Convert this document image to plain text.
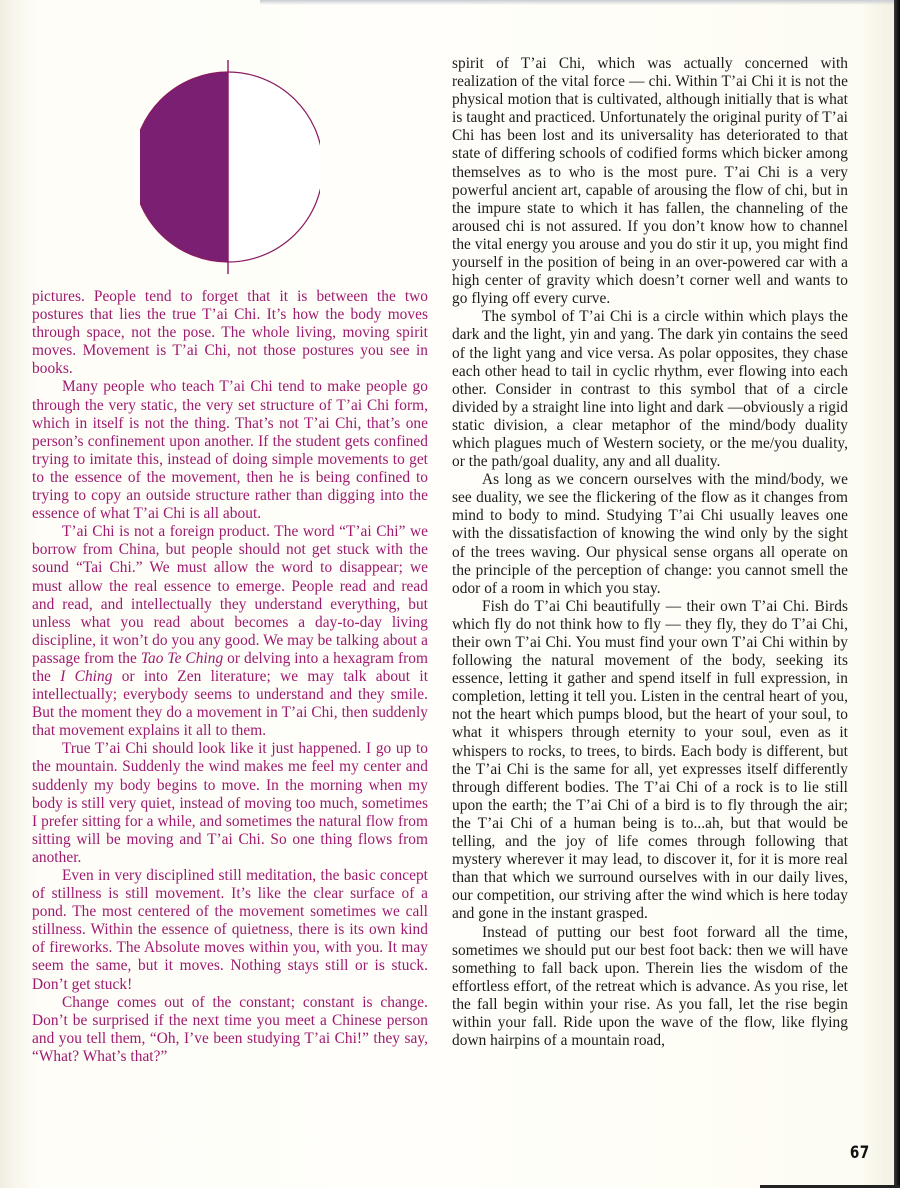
pictures. People tend to forget that it is between the two postures that lies the true T’ai Chi. It’s how the body moves through space, not the pose. The whole living, moving spirit moves. Movement is T’ai Chi, not those postures you see in books.

Many people who teach T’ai Chi tend to make people go through the very static, the very set structure of T’ai Chi form, which in itself is not the thing. That’s not T’ai Chi, that’s one person’s confinement upon another. If the student gets confined trying to imitate this, instead of doing simple movements to get to the essence of the movement, then he is being confined to trying to copy an outside structure rather than digging into the essence of what T’ai Chi is all about.

T’ai Chi is not a foreign product. The word “T’ai Chi” we borrow from China, but people should not get stuck with the sound “Tai Chi.” We must allow the word to disappear; we must allow the real essence to emerge. People read and read and read, and intellectually they understand everything, but unless what you read about becomes a day-to-day living discipline, it won’t do you any good. We may be talking about a passage from the Tao Te Ching or delving into a hexagram from the I Ching or into Zen literature; we may talk about it intellectually; everybody seems to understand and they smile. But the moment they do a movement in T’ai Chi, then suddenly that movement explains it all to them.

True T’ai Chi should look like it just happened. I go up to the mountain. Suddenly the wind makes me feel my center and suddenly my body begins to move. In the morning when my body is still very quiet, instead of moving too much, sometimes I prefer sitting for a while, and sometimes the natural flow from sitting will be moving and T’ai Chi. So one thing flows from another.

Even in very disciplined still meditation, the basic concept of stillness is still movement. It’s like the clear surface of a pond. The most centered of the movement sometimes we call stillness. Within the essence of quietness, there is its own kind of fireworks. The Absolute moves within you, with you. It may seem the same, but it moves. Nothing stays still or is stuck. Don’t get stuck!

Change comes out of the constant; constant is change. Don’t be surprised if the next time you meet a Chinese person and you tell them, “Oh, I’ve been studying T’ai Chi!” they say, “What? What’s that?”

spirit of T’ai Chi, which was actually concerned with realization of the vital force — chi. Within T’ai Chi it is not the physical motion that is cultivated, although initially that is what is taught and practiced. Unfortunately the original purity of T’ai Chi has been lost and its universality has deteriorated to that state of differing schools of codified forms which bicker among themselves as to who is the most pure. T’ai Chi is a very powerful ancient art, capable of arousing the flow of chi, but in the impure state to which it has fallen, the channeling of the aroused chi is not assured. If you don’t know how to channel the vital energy you arouse and you do stir it up, you might find yourself in the position of being in an over-powered car with a high center of gravity which doesn’t corner well and wants to go flying off every curve.

The symbol of T’ai Chi is a circle within which plays the dark and the light, yin and yang. The dark yin contains the seed of the light yang and vice versa. As polar opposites, they chase each other head to tail in cyclic rhythm, ever flowing into each other. Consider in contrast to this symbol that of a circle divided by a straight line into light and dark —obviously a rigid static division, a clear metaphor of the mind/body duality which plagues much of Western society, or the me/you duality, or the path/goal duality, any and all duality.

As long as we concern ourselves with the mind/body, we see duality, we see the flickering of the flow as it changes from mind to body to mind. Studying T’ai Chi usually leaves one with the dissatisfaction of knowing the wind only by the sight of the trees waving. Our physical sense organs all operate on the principle of the perception of change: you cannot smell the odor of a room in which you stay.

Fish do T’ai Chi beautifully — their own T’ai Chi. Birds which fly do not think how to fly — they fly, they do T’ai Chi, their own T’ai Chi. You must find your own T’ai Chi within by following the natural movement of the body, seeking its essence, letting it gather and spend itself in full expression, in completion, letting it tell you. Listen in the central heart of you, not the heart which pumps blood, but the heart of your soul, to what it whispers through eternity to your soul, even as it whispers to rocks, to trees, to birds. Each body is different, but the T’ai Chi is the same for all, yet expresses itself differently through different bodies. The T’ai Chi of a rock is to lie still upon the earth; the T’ai Chi of a bird is to fly through the air; the T’ai Chi of a human being is to...ah, but that would be telling, and the joy of life comes through following that mystery wherever it may lead, to discover it, for it is more real than that which we surround ourselves with in our daily lives, our competition, our striving after the wind which is here today and gone in the instant grasped.

Instead of putting our best foot forward all the time, sometimes we should put our best foot back: then we will have something to fall back upon. Therein lies the wisdom of the effortless effort, of the retreat which is advance. As you rise, let the fall begin within your rise. As you fall, let the rise begin within your fall. Ride upon the wave of the flow, like flying down hairpins of a mountain road,

67
